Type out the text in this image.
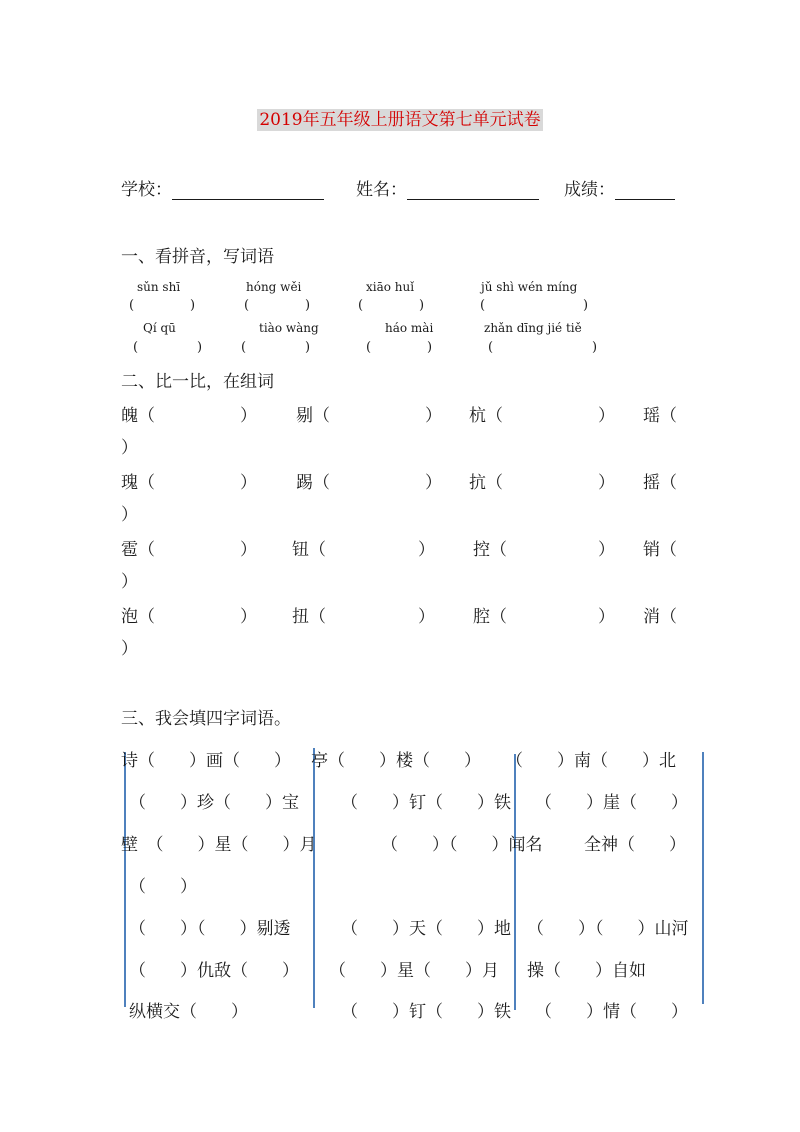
2019年五年级上册语文第七单元试卷
学校：	姓名：	成绩：
一、看拼音，写词语
sǔn shī	hóng wěi	xiāo huǐ	jǔ shì wén míng
(	)	(	)	(	)	(	)
Qí qū	tiào wàng	háo mài	zhǎn dīng jié tiě
(	)	(	)	(	)	(	)
二、比一比，在组词
魄（	） 剔（	） 杭（	） 瑶（
）
瑰（	） 踢（	） 抗（	） 摇（
）
雹（	） 钮（	） 控（	） 销（
）
泡（	） 扭（	） 腔（	） 消（
）
三、我会填四字词语。
诗（　　）画（　　） 亭（　　）楼（　　） （　　）南（　　）北
（　　）珍（　　）宝 （　　）钉（　　）铁 （　　）崖（　　）
壁　（　　）星（　　）月	（　　）（　　）闻名 全神（　　）
（　　）
（　　）（　　）剔透	（　　）天（　　）地 （　　）（　　）山河
（　　）仇敌（　　） （　　）星（　　）月 操（　　）自如
纵横交（　　）	（　　）钉（　　）铁 （　　）情（　　）
